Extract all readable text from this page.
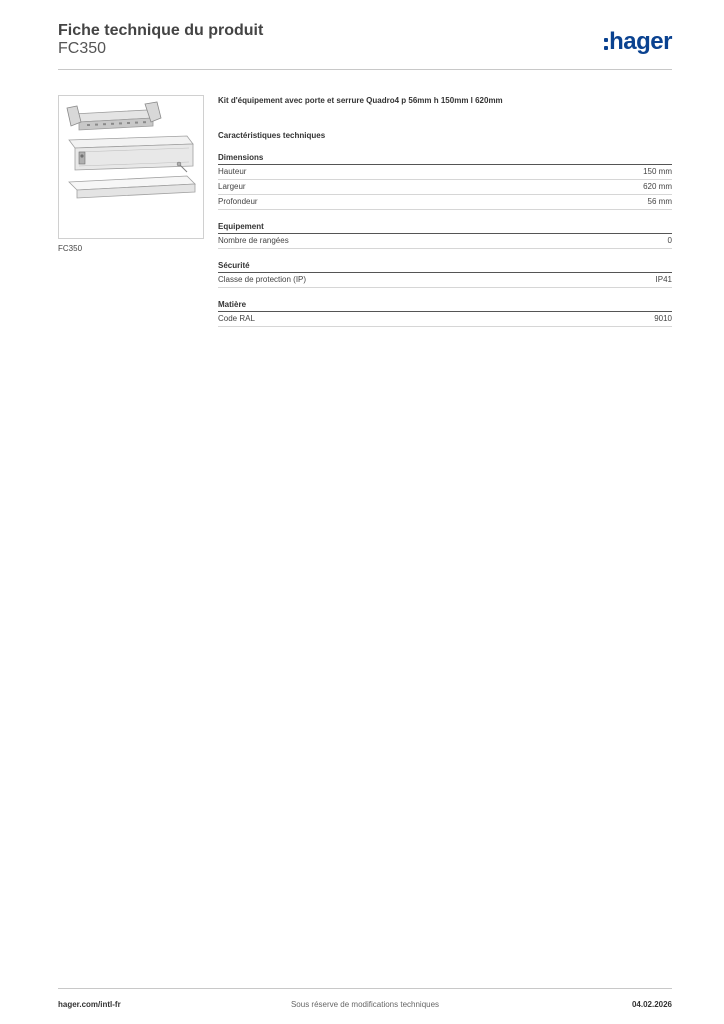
Fiche technique du produit
FC350	hager
FC350
Kit d'équipement avec porte et serrure Quadro4 p 56mm h 150mm l 620mm
Caractéristiques techniques
Dimensions
Hauteur	150 mm
Largeur	620 mm
Profondeur	56 mm
Equipement
Nombre de rangées	0
Sécurité
Classe de protection (IP)	IP41
Matière
Code RAL	9010
hager.com/intl-fr	Sous réserve de modifications techniques	04.02.2026
